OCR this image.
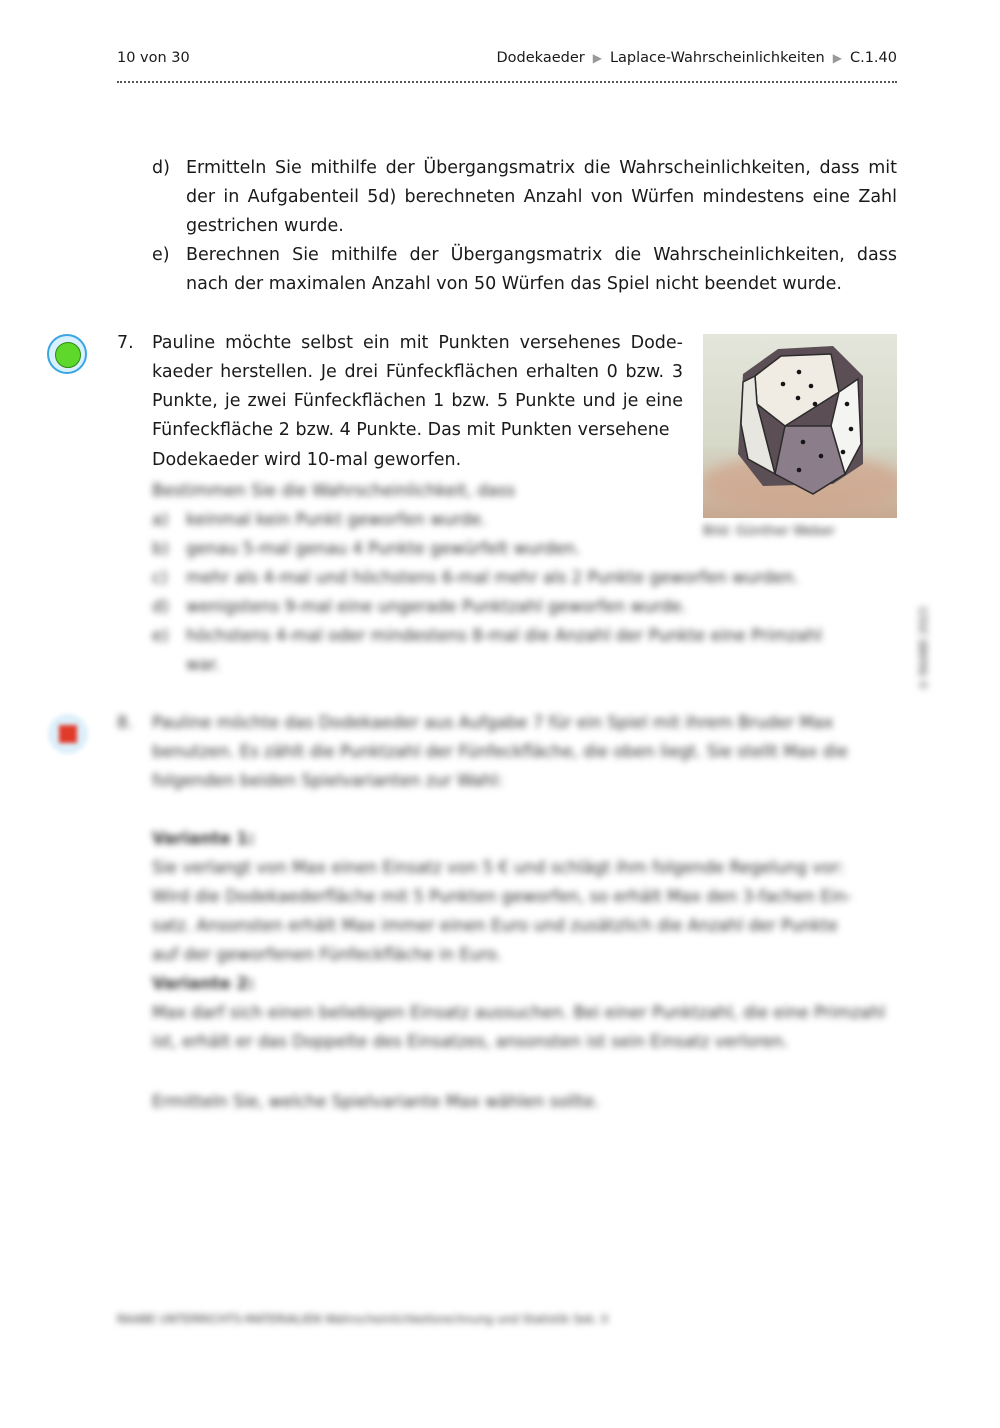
10 von 30	Dodekaeder ▶ Laplace-Wahrscheinlichkeiten ▶ C.1.40
d) Ermitteln Sie mithilfe der Übergangsmatrix die Wahrscheinlichkeiten, dass mit der in Aufgabenteil 5d) berechneten Anzahl von Würfen mindestens eine Zahl gestrichen wurde.
e) Berechnen Sie mithilfe der Übergangsmatrix die Wahrscheinlichkeiten, dass nach der maximalen Anzahl von 50 Würfen das Spiel nicht beendet wurde.
7. Pauline möchte selbst ein mit Punkten versehenes Dodekaeder herstellen. Je drei Fünfeckflächen erhalten 0 bzw. 3 Punkte, je zwei Fünfeckflächen 1 bzw. 5 Punkte und je eine Fünfeckfläche 2 bzw. 4 Punkte. Das mit Punkten versehene
Dodekaeder wird 10-mal geworfen.
Bestimmen Sie die Wahrscheinlichkeit, dass
a) keinmal kein Punkt geworfen wurde.
b) genau 5-mal genau 4 Punkte gewürfelt wurden.
c) mehr als 4-mal und höchstens 6-mal mehr als 2 Punkte geworfen wurden.
d) wenigstens 9-mal eine ungerade Punktzahl geworfen wurde.
e) höchstens 4-mal oder mindestens 8-mal die Anzahl der Punkte eine Primzahl
war.
Bild: Günther Weber
8. Pauline möchte das Dodekaeder aus Aufgabe 7 für ein Spiel mit ihrem Bruder Max
benutzen. Es zählt die Punktzahl der Fünfeckfläche, die oben liegt. Sie stellt Max die
folgenden beiden Spielvarianten zur Wahl:
Variante 1:
Sie verlangt von Max einen Einsatz von 5 € und schlägt ihm folgende Regelung vor:
Wird die Dodekaederfläche mit 5 Punkten geworfen, so erhält Max den 3-fachen Ein-
satz. Ansonsten erhält Max immer einen Euro und zusätzlich die Anzahl der Punkte
auf der geworfenen Fünfeckfläche in Euro.
Variante 2:
Max darf sich einen beliebigen Einsatz aussuchen. Bei einer Punktzahl, die eine Primzahl
ist, erhält er das Doppelte des Einsatzes, ansonsten ist sein Einsatz verloren.
Ermitteln Sie, welche Spielvariante Max wählen sollte.
© RAABE 2023
RAABE UNTERRICHTS-MATERIALIEN Wahrscheinlichkeitsrechnung und Statistik Sek. II
